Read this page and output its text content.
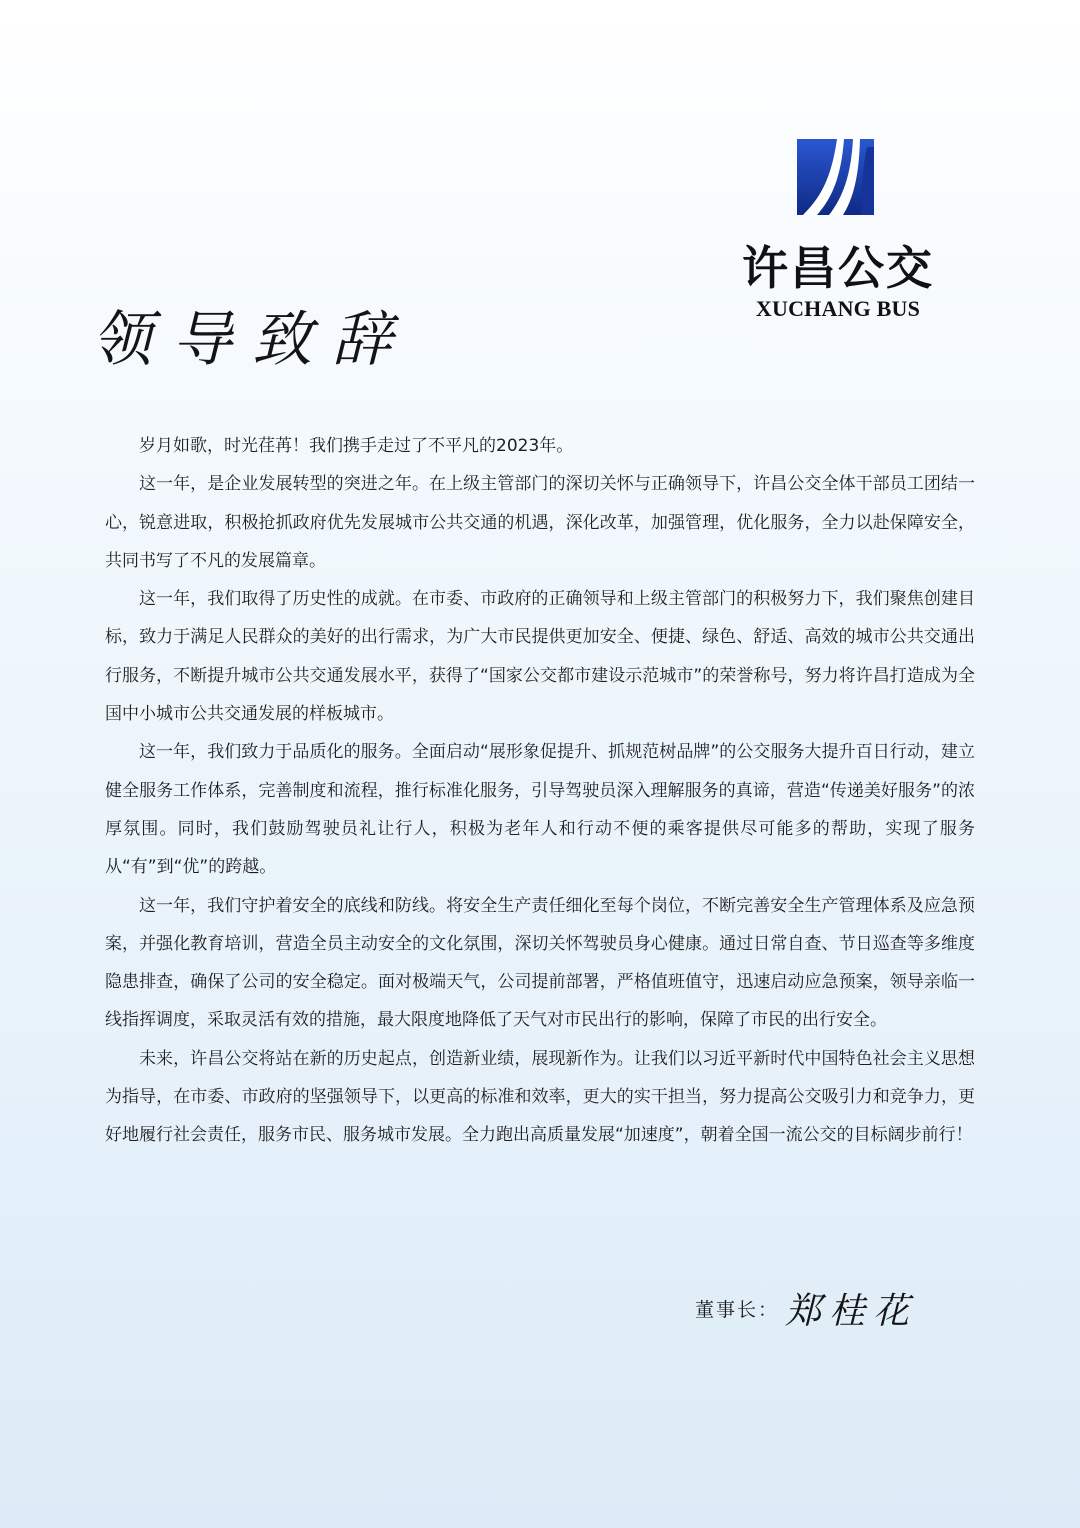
许昌公交
XUCHANG BUS
领导致辞

岁月如歌，时光荏苒！我们携手走过了不平凡的2023年。

这一年，是企业发展转型的突进之年。在上级主管部门的深切关怀与正确领导下，许昌公交全体干部员工团结一心，锐意进取，积极抢抓政府优先发展城市公共交通的机遇，深化改革，加强管理，优化服务，全力以赴保障安全，共同书写了不凡的发展篇章。

这一年，我们取得了历史性的成就。在市委、市政府的正确领导和上级主管部门的积极努力下，我们聚焦创建目标，致力于满足人民群众的美好的出行需求，为广大市民提供更加安全、便捷、绿色、舒适、高效的城市公共交通出行服务，不断提升城市公共交通发展水平，获得了“国家公交都市建设示范城市”的荣誉称号，努力将许昌打造成为全国中小城市公共交通发展的样板城市。

这一年，我们致力于品质化的服务。全面启动“展形象促提升、抓规范树品牌”的公交服务大提升百日行动，建立健全服务工作体系，完善制度和流程，推行标准化服务，引导驾驶员深入理解服务的真谛，营造“传递美好服务”的浓厚氛围。同时，我们鼓励驾驶员礼让行人，积极为老年人和行动不便的乘客提供尽可能多的帮助，实现了服务从“有”到“优”的跨越。

这一年，我们守护着安全的底线和防线。将安全生产责任细化至每个岗位，不断完善安全生产管理体系及应急预案，并强化教育培训，营造全员主动安全的文化氛围，深切关怀驾驶员身心健康。通过日常自查、节日巡查等多维度隐患排查，确保了公司的安全稳定。面对极端天气，公司提前部署，严格值班值守，迅速启动应急预案，领导亲临一线指挥调度，采取灵活有效的措施，最大限度地降低了天气对市民出行的影响，保障了市民的出行安全。

未来，许昌公交将站在新的历史起点，创造新业绩，展现新作为。让我们以习近平新时代中国特色社会主义思想为指导，在市委、市政府的坚强领导下，以更高的标准和效率，更大的实干担当，努力提高公交吸引力和竞争力，更好地履行社会责任，服务市民、服务城市发展。全力跑出高质量发展“加速度”，朝着全国一流公交的目标阔步前行！

董事长： 郑桂花
